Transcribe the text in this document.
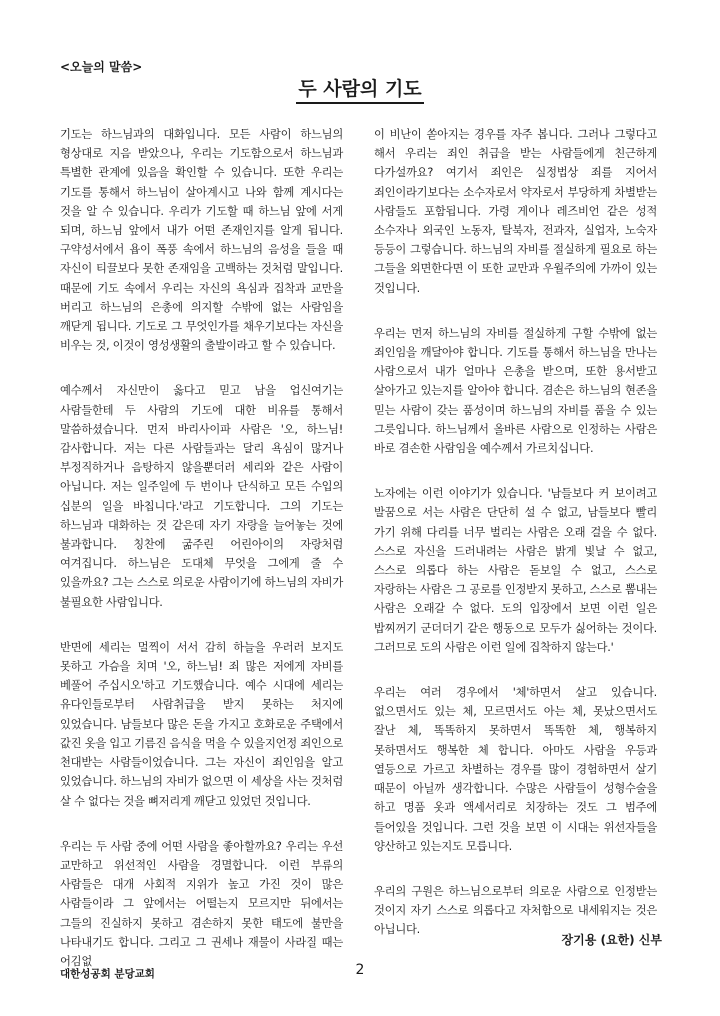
<오늘의 말씀>
두 사람의 기도

기도는 하느님과의 대화입니다. 모든 사람이 하느님의 형상대로 지음 받았으나, 우리는 기도함으로서 하느님과 특별한 관계에 있음을 확인할 수 있습니다. 또한 우리는 기도를 통해서 하느님이 살아계시고 나와 함께 계시다는 것을 알 수 있습니다. 우리가 기도할 때 하느님 앞에 서게 되며, 하느님 앞에서 내가 어떤 존재인지를 알게 됩니다. 구약성서에서 욥이 폭풍 속에서 하느님의 음성을 들을 때 자신이 티끌보다 못한 존재임을 고백하는 것처럼 말입니다. 때문에 기도 속에서 우리는 자신의 욕심과 집착과 교만을 버리고 하느님의 은총에 의지할 수밖에 없는 사람임을 깨닫게 됩니다. 기도로 그 무엇인가를 채우기보다는 자신을 비우는 것, 이것이 영성생활의 출발이라고 할 수 있습니다.

예수께서 자신만이 옳다고 믿고 남을 업신여기는 사람들한테 두 사람의 기도에 대한 비유를 통해서 말씀하셨습니다. 먼저 바리사이파 사람은 '오, 하느님! 감사합니다. 저는 다른 사람들과는 달리 욕심이 많거나 부정직하거나 음탕하지 않을뿐더러 세리와 같은 사람이 아닙니다. 저는 일주일에 두 번이나 단식하고 모든 수입의 십분의 일을 바칩니다.'라고 기도합니다. 그의 기도는 하느님과 대화하는 것 같은데 자기 자랑을 늘어놓는 것에 불과합니다. 칭찬에 굶주린 어린아이의 자랑처럼 여겨집니다. 하느님은 도대체 무엇을 그에게 줄 수 있을까요? 그는 스스로 의로운 사람이기에 하느님의 자비가 불필요한 사람입니다.

반면에 세리는 멀찍이 서서 감히 하늘을 우러러 보지도 못하고 가슴을 치며 '오, 하느님! 죄 많은 저에게 자비를 베풀어 주십시오'하고 기도했습니다. 예수 시대에 세리는 유다인들로부터 사람취급을 받지 못하는 처지에 있었습니다. 남들보다 많은 돈을 가지고 호화로운 주택에서 값진 옷을 입고 기름진 음식을 먹을 수 있을지언정 죄인으로 천대받는 사람들이었습니다. 그는 자신이 죄인임을 알고 있었습니다. 하느님의 자비가 없으면 이 세상을 사는 것처럼 살 수 없다는 것을 뼈저리게 깨닫고 있었던 것입니다.

우리는 두 사람 중에 어떤 사람을 좋아할까요? 우리는 우선 교만하고 위선적인 사람을 경멸합니다. 이런 부류의 사람들은 대개 사회적 지위가 높고 가진 것이 많은 사람들이라 그 앞에서는 어떨는지 모르지만 뒤에서는 그들의 진실하지 못하고 겸손하지 못한 태도에 불만을 나타내기도 합니다. 그리고 그 권세나 재물이 사라질 때는 어김없

이 비난이 쏟아지는 경우를 자주 봅니다. 그러나 그렇다고 해서 우리는 죄인 취급을 받는 사람들에게 친근하게 다가설까요? 여기서 죄인은 실정법상 죄를 지어서 죄인이라기보다는 소수자로서 약자로서 부당하게 차별받는 사람들도 포함됩니다. 가령 게이나 레즈비언 같은 성적 소수자나 외국인 노동자, 탈북자, 전과자, 실업자, 노숙자 등등이 그렇습니다. 하느님의 자비를 절실하게 필요로 하는 그들을 외면한다면 이 또한 교만과 우월주의에 가까이 있는 것입니다.

우리는 먼저 하느님의 자비를 절실하게 구할 수밖에 없는 죄인임을 깨달아야 합니다. 기도를 통해서 하느님을 만나는 사람으로서 내가 얼마나 은총을 받으며, 또한 용서받고 살아가고 있는지를 알아야 합니다. 겸손은 하느님의 현존을 믿는 사람이 갖는 품성이며 하느님의 자비를 품을 수 있는 그릇입니다. 하느님께서 올바른 사람으로 인정하는 사람은 바로 겸손한 사람임을 예수께서 가르치십니다.

노자에는 이런 이야기가 있습니다. '남들보다 커 보이려고 발꿈으로 서는 사람은 단단히 설 수 없고, 남들보다 빨리 가기 위해 다리를 너무 벌리는 사람은 오래 걸을 수 없다. 스스로 자신을 드러내려는 사람은 밝게 빛날 수 없고, 스스로 의롭다 하는 사람은 돋보일 수 없고, 스스로 자랑하는 사람은 그 공로를 인정받지 못하고, 스스로 뽐내는 사람은 오래갈 수 없다. 도의 입장에서 보면 이런 일은 밥찌꺼기 군더더기 같은 행동으로 모두가 싫어하는 것이다. 그러므로 도의 사람은 이런 일에 집착하지 않는다.'

우리는 여러 경우에서 '체'하면서 살고 있습니다. 없으면서도 있는 체, 모르면서도 아는 체, 못났으면서도 잘난 체, 똑똑하지 못하면서 똑똑한 체, 행복하지 못하면서도 행복한 체 합니다. 아마도 사람을 우등과 열등으로 가르고 차별하는 경우를 많이 경험하면서 살기 때문이 아닐까 생각합니다. 수많은 사람들이 성형수술을 하고 명품 옷과 액세서리로 치장하는 것도 그 범주에 들어있을 것입니다. 그런 것을 보면 이 시대는 위선자들을 양산하고 있는지도 모릅니다.

우리의 구원은 하느님으로부터 의로운 사람으로 인정받는 것이지 자기 스스로 의롭다고 자처함으로 내세워지는 것은 아닙니다.

장기용 (요한) 신부
대한성공회 분당교회	2
